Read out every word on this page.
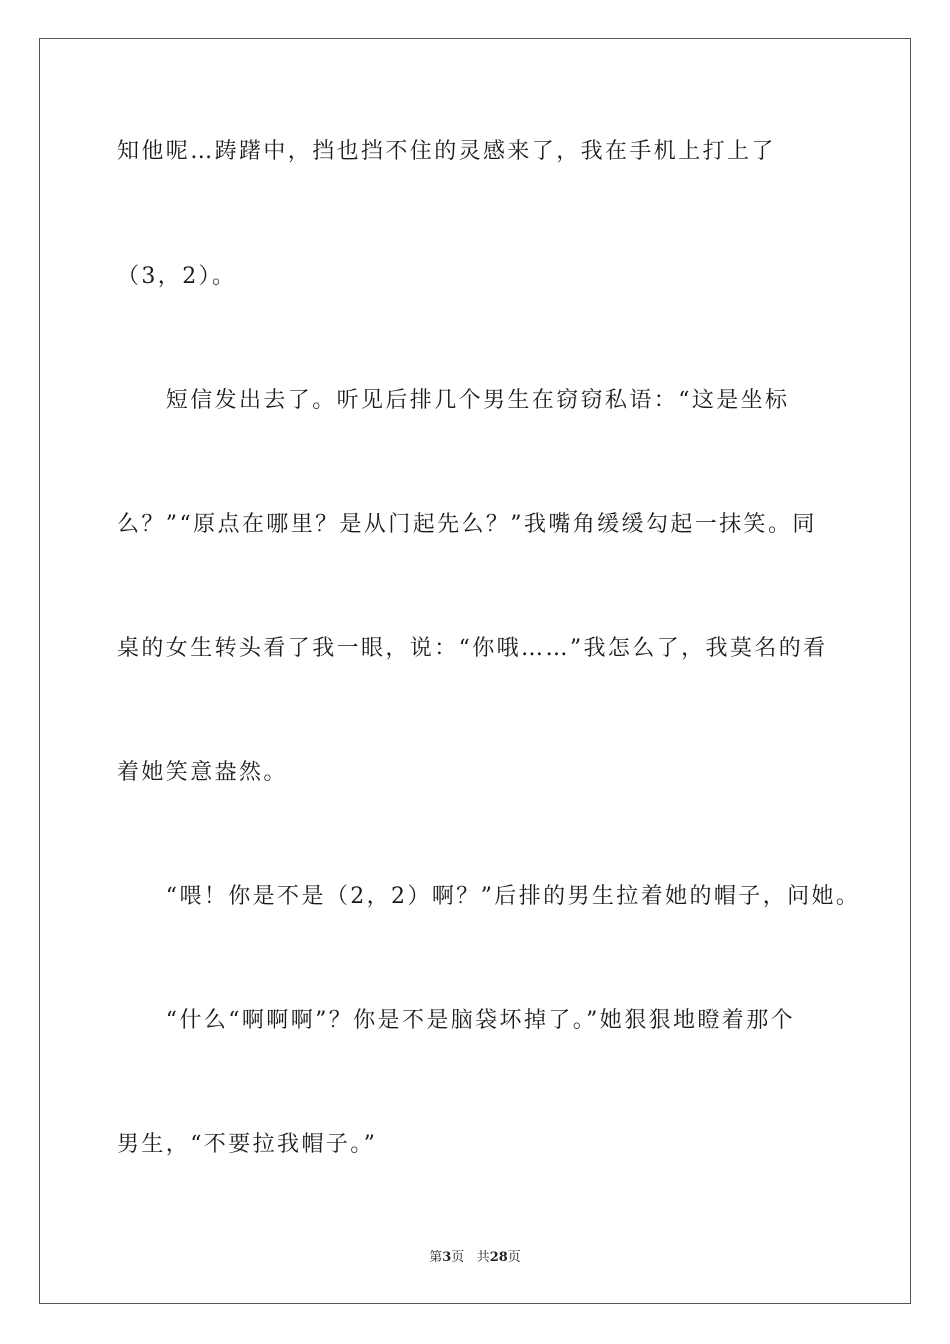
知他呢…踌躇中，挡也挡不住的灵感来了，我在手机上打上了
（3，2）。
　　短信发出去了。听见后排几个男生在窃窃私语：“这是坐标
么？”“原点在哪里？是从门起先么？”我嘴角缓缓勾起一抹笑。同
桌的女生转头看了我一眼，说：“你哦……”我怎么了，我莫名的看
着她笑意盎然。
　　“喂！你是不是（2，2）啊？”后排的男生拉着她的帽子，问她。
　　“什么“啊啊啊”？你是不是脑袋坏掉了。”她狠狠地瞪着那个
男生，“不要拉我帽子。”
第3页 共28页
